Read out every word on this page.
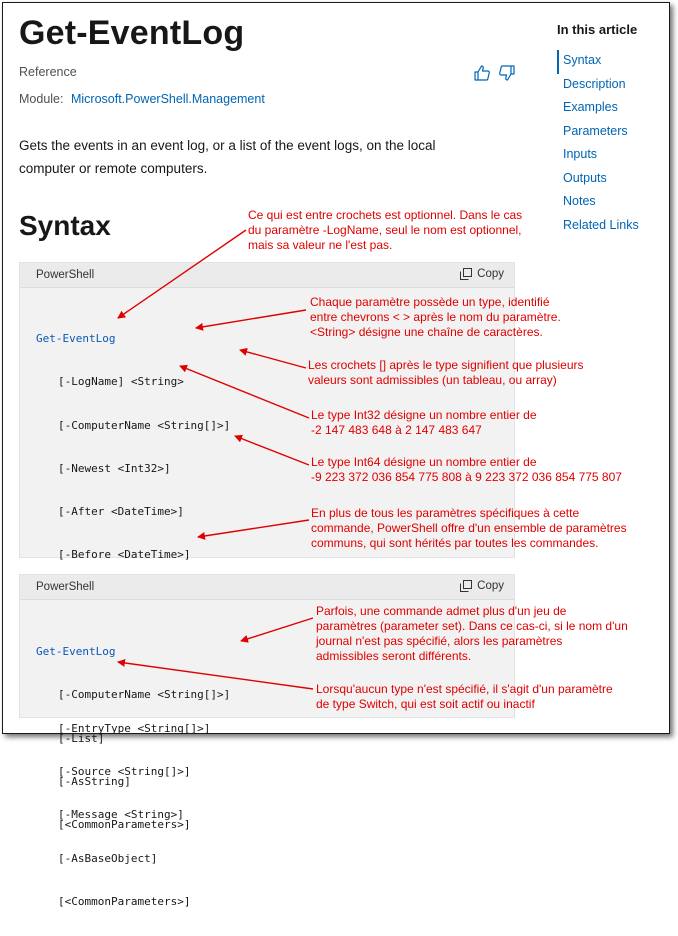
Get-EventLog
Reference
Module: Microsoft.PowerShell.Management
Gets the events in an event log, or a list of the event logs, on the local
computer or remote computers.
Syntax
In this article
Syntax
Description
Examples
Parameters
Inputs
Outputs
Notes
Related Links
PowerShell	Copy

Get-EventLog

[-LogName] <String>

[-ComputerName <String[]>]

[-Newest <Int32>]

[-After <DateTime>]

[-Before <DateTime>]

[-EntryType <String[]>]

[-Source <String[]>]

[-Message <String>]

[-AsBaseObject]

[<CommonParameters>]

PowerShell	Copy

Get-EventLog

[-ComputerName <String[]>]

[-List]

[-AsString]

[<CommonParameters>]

Ce qui est entre crochets est optionnel. Dans le cas
du paramètre -LogName, seul le nom est optionnel,
mais sa valeur ne l'est pas.
Chaque paramètre possède un type, identifié
entre chevrons < > après le nom du paramètre.
<String> désigne une chaîne de caractères.
Les crochets [] après le type signifient que plusieurs
valeurs sont admissibles (un tableau, ou array)
Le type Int32 désigne un nombre entier de
-2 147 483 648 à 2 147 483 647
Le type Int64 désigne un nombre entier de
-9 223 372 036 854 775 808 à 9 223 372 036 854 775 807
En plus de tous les paramètres spécifiques à cette
commande, PowerShell offre d'un ensemble de paramètres
communs, qui sont hérités par toutes les commandes.
Parfois, une commande admet plus d'un jeu de
paramètres (parameter set). Dans ce cas-ci, si le nom d'un
journal n'est pas spécifié, alors les paramètres
admissibles seront différents.
Lorsqu'aucun type n'est spécifié, il s'agit d'un paramètre
de type Switch, qui est soit actif ou inactif
